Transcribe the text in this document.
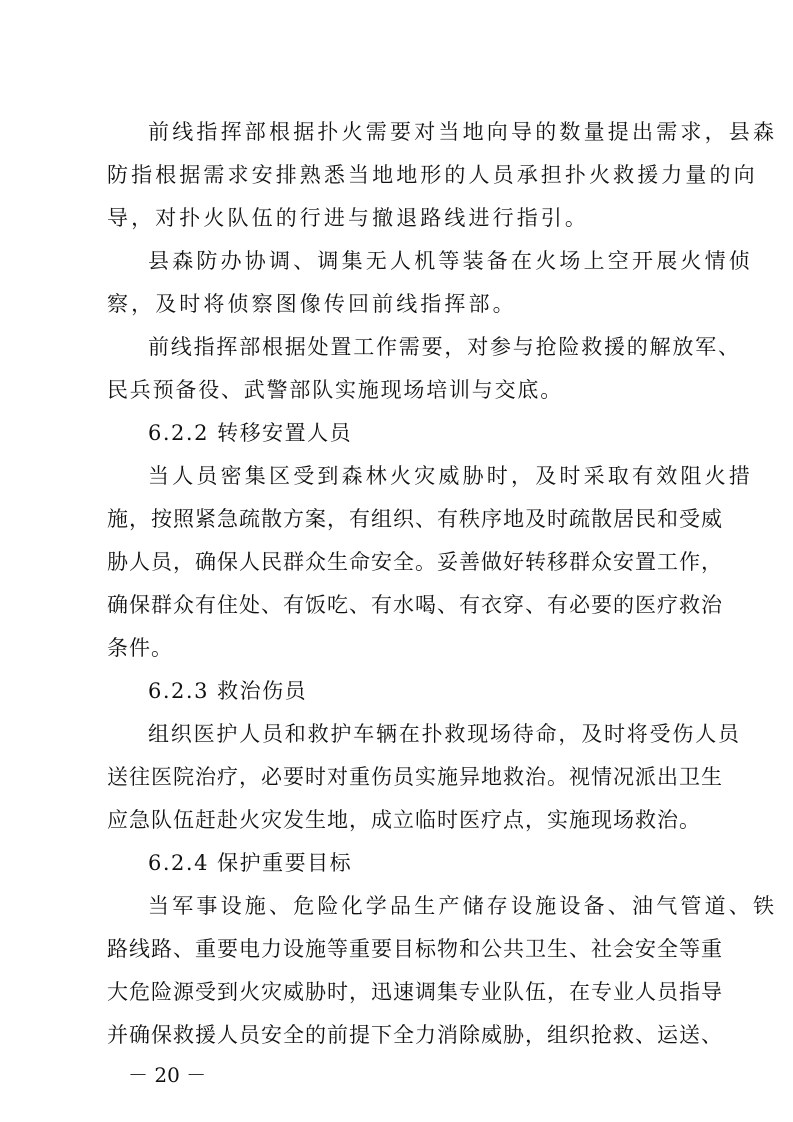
前线指挥部根据扑火需要对当地向导的数量提出需求，县森
防指根据需求安排熟悉当地地形的人员承担扑火救援力量的向
导，对扑火队伍的行进与撤退路线进行指引。
县森防办协调、调集无人机等装备在火场上空开展火情侦
察，及时将侦察图像传回前线指挥部。
前线指挥部根据处置工作需要，对参与抢险救援的解放军、
民兵预备役、武警部队实施现场培训与交底。
6.2.2 转移安置人员
当人员密集区受到森林火灾威胁时，及时采取有效阻火措
施，按照紧急疏散方案，有组织、有秩序地及时疏散居民和受威
胁人员，确保人民群众生命安全。妥善做好转移群众安置工作，
确保群众有住处、有饭吃、有水喝、有衣穿、有必要的医疗救治
条件。
6.2.3 救治伤员
组织医护人员和救护车辆在扑救现场待命，及时将受伤人员
送往医院治疗，必要时对重伤员实施异地救治。视情况派出卫生
应急队伍赶赴火灾发生地，成立临时医疗点，实施现场救治。
6.2.4 保护重要目标
当军事设施、危险化学品生产储存设施设备、油气管道、铁
路线路、重要电力设施等重要目标物和公共卫生、社会安全等重
大危险源受到火灾威胁时，迅速调集专业队伍，在专业人员指导
并确保救援人员安全的前提下全力消除威胁，组织抢救、运送、
－ 20 －
